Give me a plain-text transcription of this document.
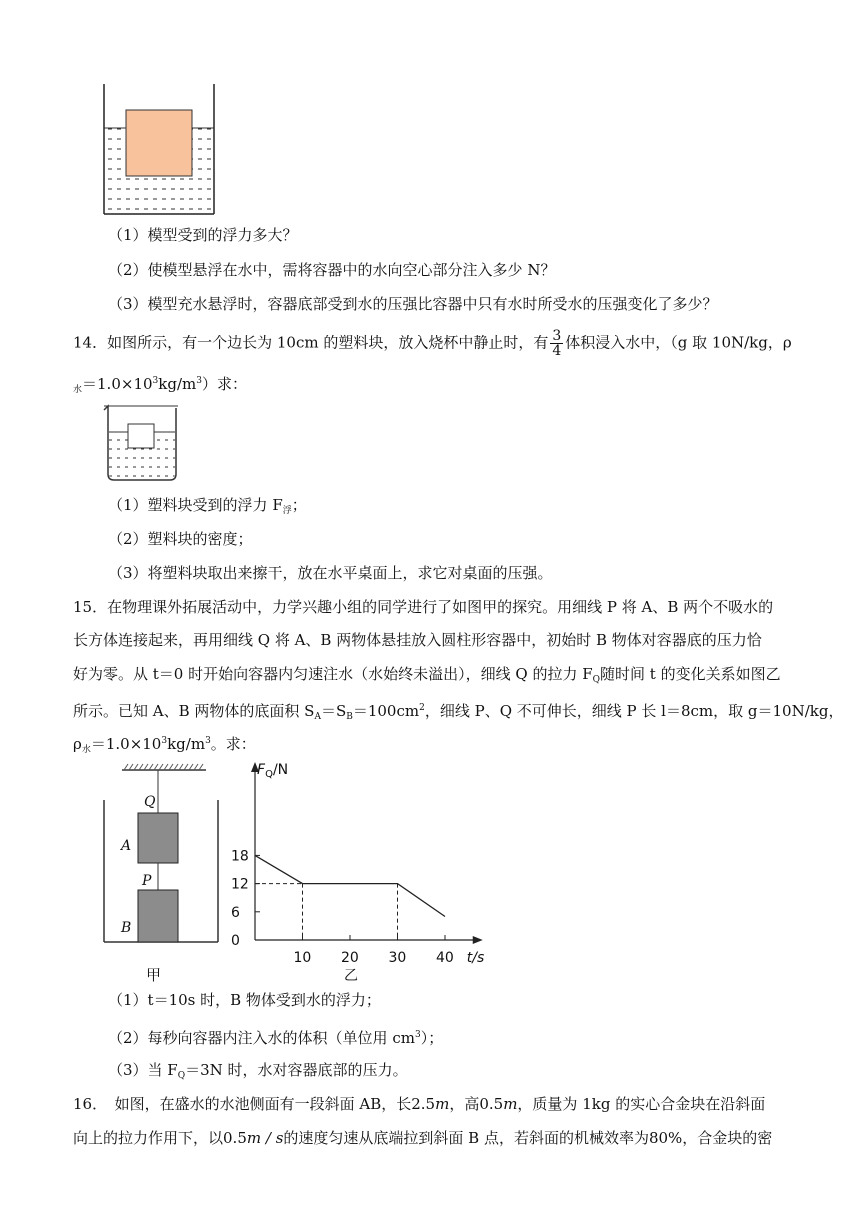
（1）模型受到的浮力多大？
（2）使模型悬浮在水中，需将容器中的水向空心部分注入多少 N？
（3）模型充水悬浮时，容器底部受到水的压强比容器中只有水时所受水的压强变化了多少？
14．如图所示，有一个边长为 10cm 的塑料块，放入烧杯中静止时，有 $\frac{3}{4}$ 体积浸入水中，（g 取 10N/kg，ρ
$_水=1.0\times 10^3kg/m^3$）求：
（1）塑料块受到的浮力 $F_浮$；
（2）塑料块的密度；
（3）将塑料块取出来擦干，放在水平桌面上，求它对桌面的压强。
15．在物理课外拓展活动中，力学兴趣小组的同学进行了如图甲的探究。用细线 P 将 A、B 两个不吸水的
长方体连接起来，再用细线 Q 将 A、B 两物体悬挂放入圆柱形容器中，初始时 B 物体对容器底的压力恰
好为零。从 t＝0 时开始向容器内匀速注水（水始终未溢出），细线 Q 的拉力 $F_Q$随时间 t 的变化关系如图乙
所示。已知 A、B 两物体的底面积 $S_A=S_B=100cm^2$，细线 P、Q 不可伸长，细线 P 长 l＝8cm，取 g＝10N/kg，
$\rho_水=1.0\times 10^3kg/m^3$。求：
Q
A
P
B
甲
$F_Q/N$
t/s
0
6
12
18
10 20 30 40
乙
（1）t＝10s 时，B 物体受到水的浮力；
（2）每秒向容器内注入水的体积（单位用 $cm^3$）；
（3）当 $F_Q=3N$ 时，水对容器底部的压力。
16．　如图，在盛水的水池侧面有一段斜面 AB，长2.5m，高0.5m，质量为 1kg 的实心合金块在沿斜面
向上的拉力作用下，以0.5m / s的速度匀速从底端拉到斜面 B 点，若斜面的机械效率为80%，合金块的密
